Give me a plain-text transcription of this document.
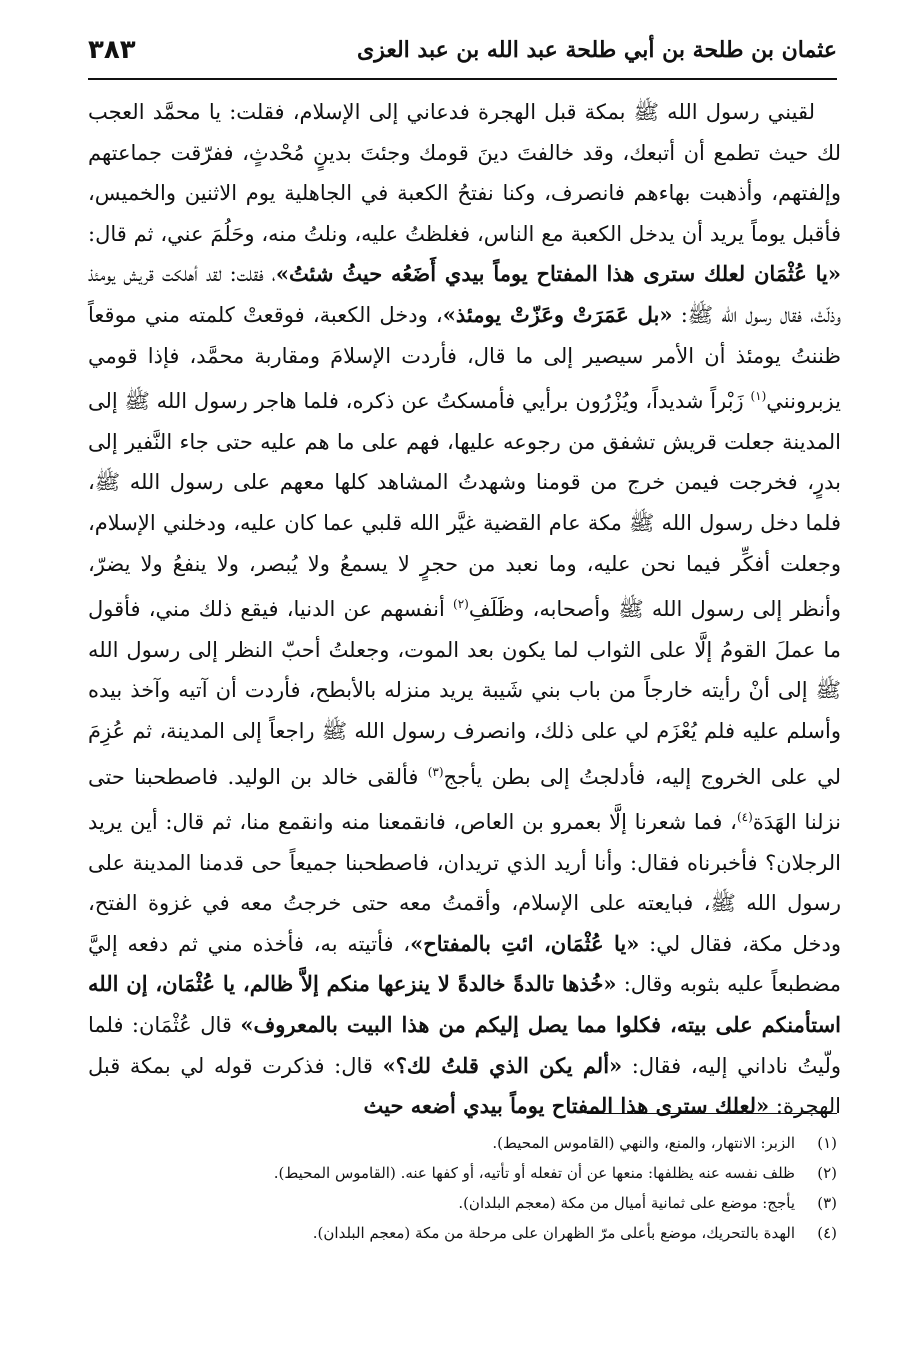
عثمان بن طلحة بن أبي طلحة عبد الله بن عبد العزى
٣٨٣

لقيني رسول الله ﷺ بمكة قبل الهجرة فدعاني إلى الإسلام، فقلت: يا محمَّد العجب لك حيث تطمع أن أتبعك، وقد خالفتَ دينَ قومك وجئتَ بدينٍ مُحْدثٍ، ففرّقت جماعتهم وإلفتهم، وأذهبت بهاءهم فانصرف، وكنا نفتحُ الكعبة في الجاهلية يوم الاثنين والخميس، فأقبل يوماً يريد أن يدخل الكعبة مع الناس، فغلظتُ عليه، ونلتُ منه، وحَلُمَ عني، ثم قال: «يا عُثْمَان لعلك سترى هذا المفتاح يوماً بيدي أَضَعُه حيثُ شئتُ»، فقلت: لقد أهلكت قريش يومئذ وذلّتْ، فقال رسول الله ﷺ: «بل عَمَرَتْ وعَزّتْ يومئذ»، ودخل الكعبة، فوقعتْ كلمته مني موقعاً ظننتُ يومئذ أن الأمر سيصير إلى ما قال، فأردت الإسلامَ ومقاربة محمَّد، فإذا قومي يزبرونني$^{(١)}$ زَبْراً شديداً، ويُزْرُون برأيي فأمسكتُ عن ذكره، فلما هاجر رسول الله ﷺ إلى المدينة جعلت قريش تشفق من رجوعه عليها، فهم على ما هم عليه حتى جاء النَّفير إلى بدرٍ، فخرجت فيمن خرج من قومنا وشهدتُ المشاهد كلها معهم على رسول الله ﷺ، فلما دخل رسول الله ﷺ مكة عام القضية غيَّر الله قلبي عما كان عليه، ودخلني الإسلام، وجعلت أفكِّر فيما نحن عليه، وما نعبد من حجرٍ لا يسمعُ ولا يُبصر، ولا ينفعُ ولا يضرّ، وأنظر إلى رسول الله ﷺ وأصحابه، وظَلَفِ$^{(٢)}$ أنفسهم عن الدنيا، فيقع ذلك مني، فأقول ما عملَ القومُ إلَّا على الثواب لما يكون بعد الموت، وجعلتُ أحبّ النظر إلى رسول الله ﷺ إلى أنْ رأيته خارجاً من باب بني شَيبة يريد منزله بالأبطح، فأردت أن آتيه وآخذ بيده وأسلم عليه فلم يُعْزَم لي على ذلك، وانصرف رسول الله ﷺ راجعاً إلى المدينة، ثم عُزِمَ لي على الخروج إليه، فأدلجتُ إلى بطن يأجج$^{(٣)}$ فألقى خالد بن الوليد. فاصطحبنا حتى نزلنا الهَدَة$^{(٤)}$، فما شعرنا إلَّا بعمرو بن العاص، فانقمعنا منه وانقمع منا، ثم قال: أين يريد الرجلان؟ فأخبرناه فقال: وأنا أريد الذي تريدان، فاصطحبنا جميعاً حى قدمنا المدينة على رسول الله ﷺ، فبايعته على الإسلام، وأقمتُ معه حتى خرجتُ معه في غزوة الفتح، ودخل مكة، فقال لي: «يا عُثْمَان، ائتِ بالمفتاح»، فأتيته به، فأخذه مني ثم دفعه إليَّ مضطبعاً عليه بثوبه وقال: «خُذها تالدةً خالدةً لا ينزعها منكم إلاَّ ظالم، يا عُثْمَان، إن الله استأمنكم على بيته، فكلوا مما يصل إليكم من هذا البيت بالمعروف» قال عُثْمَان: فلما ولّيتُ ناداني إليه، فقال: «ألم يكن الذي قلتُ لك؟» قال: فذكرت قوله لي بمكة قبل الهجرة: «لعلك سترى هذا المفتاح يوماً بيدي أضعه حيث

(١)
الزبر: الانتهار، والمنع، والنهي (القاموس المحيط).
(٢)
ظلف نفسه عنه يظلفها: منعها عن أن تفعله أو تأتيه، أو كفها عنه. (القاموس المحيط).
(٣)
يأجج: موضع على ثمانية أميال من مكة (معجم البلدان).
(٤)
الهدة بالتحريك، موضع بأعلى مرّ الظهران على مرحلة من مكة (معجم البلدان).
